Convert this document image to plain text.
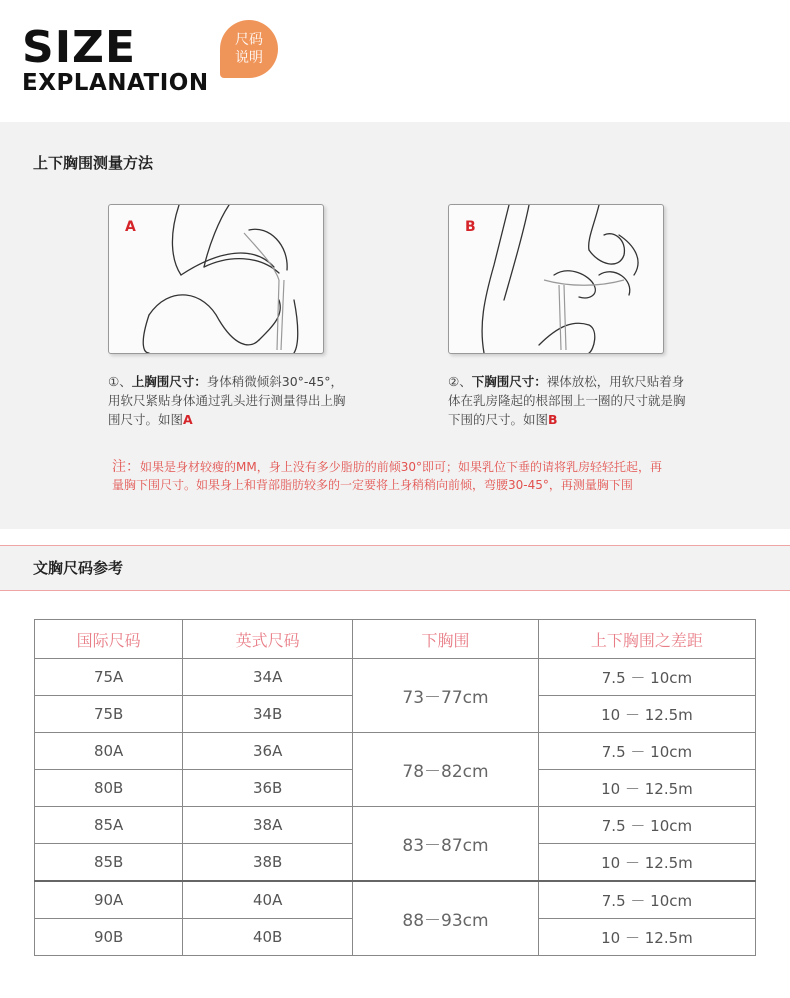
SIZE
EXPLANATION
尺码
说明
上下胸围测量方法
A
①、上胸围尺寸：身体稍微倾斜30°-45°，用软尺紧贴身体通过乳头进行测量得出上胸围尺寸。如图A
B
②、下胸围尺寸：裸体放松，用软尺贴着身体在乳房隆起的根部围上一圈的尺寸就是胸下围的尺寸。如图B
注：如果是身材较瘦的MM，身上没有多少脂肪的前倾30°即可；如果乳位下垂的请将乳房轻轻托起，再量胸下围尺寸。如果身上和背部脂肪较多的一定要将上身稍稍向前倾，弯腰30-45°，再测量胸下围
文胸尺码参考
国际尺码	英式尺码	下胸围	上下胸围之差距
75A	34A	73－77cm	7.5 － 10cm
75B	34B		10 － 12.5m
80A	36A	78－82cm	7.5 － 10cm
80B	36B		10 － 12.5m
85A	38A	83－87cm	7.5 － 10cm
85B	38B		10 － 12.5m
90A	40A	88－93cm	7.5 － 10cm
90B	40B		10 － 12.5m
